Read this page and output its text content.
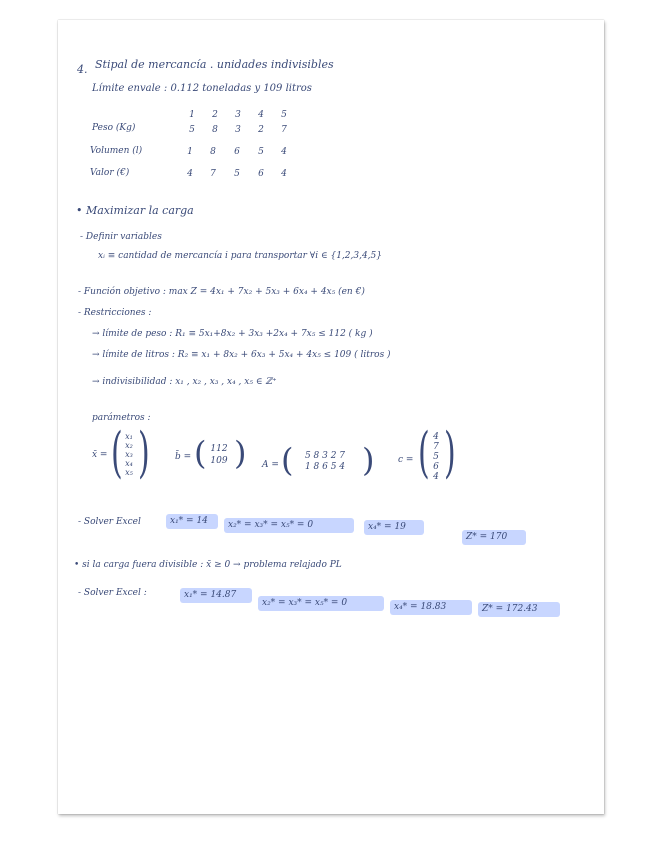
4. Stipal de mercancía . unidades indivisibles
Límite envale : 0.112 toneladas y 109 litros
1	2	3	4	5
Peso (Kg)	5	8	3	2	7
Volumen (l)	1	8	6	5	4
Valor (€)	4	7	5	6	4
• Maximizar la carga
- Definir variables
xᵢ ≡ cantidad de mercancía i para transportar ∀i ∈ {1,2,3,4,5}
- Función objetivo : max Z = 4x₁ + 7x₂ + 5x₃ + 6x₄ + 4x₅ (en €)
- Restricciones :
→ límite de peso : R₁ ≡ 5x₁+8x₂ + 3x₃ +2x₄ + 7x₅ ≤ 112 ( kg )
→ límite de litros : R₂ ≡ x₁ + 8x₂ + 6x₃ + 5x₄ + 4x₅ ≤ 109 ( litros )
→ indivisibilidad : x₁ , x₂ , x₃ , x₄ , x₅ ∈ ℤ⁺
parámetros :
x̄ = ( x₁
x₂
x₃
x₄
x₅ )	b̄ = ( 112
109 ) A = (	5 8 3 2 7
1 8 6 5 4 )	c = ( 4
7
5
6
4 )
- Solver Excel	x₁* = 14 x₂* = x₃* = x₅* = 0	x₄* = 19
Z* = 170
• si la carga fuera divisible : x̄ ≥ 0 → problema relajado PL
- Solver Excel :	x₁* = 14.87
x₂* = x₃* = x₅* = 0	x₄* = 18.83	Z* = 172.43
